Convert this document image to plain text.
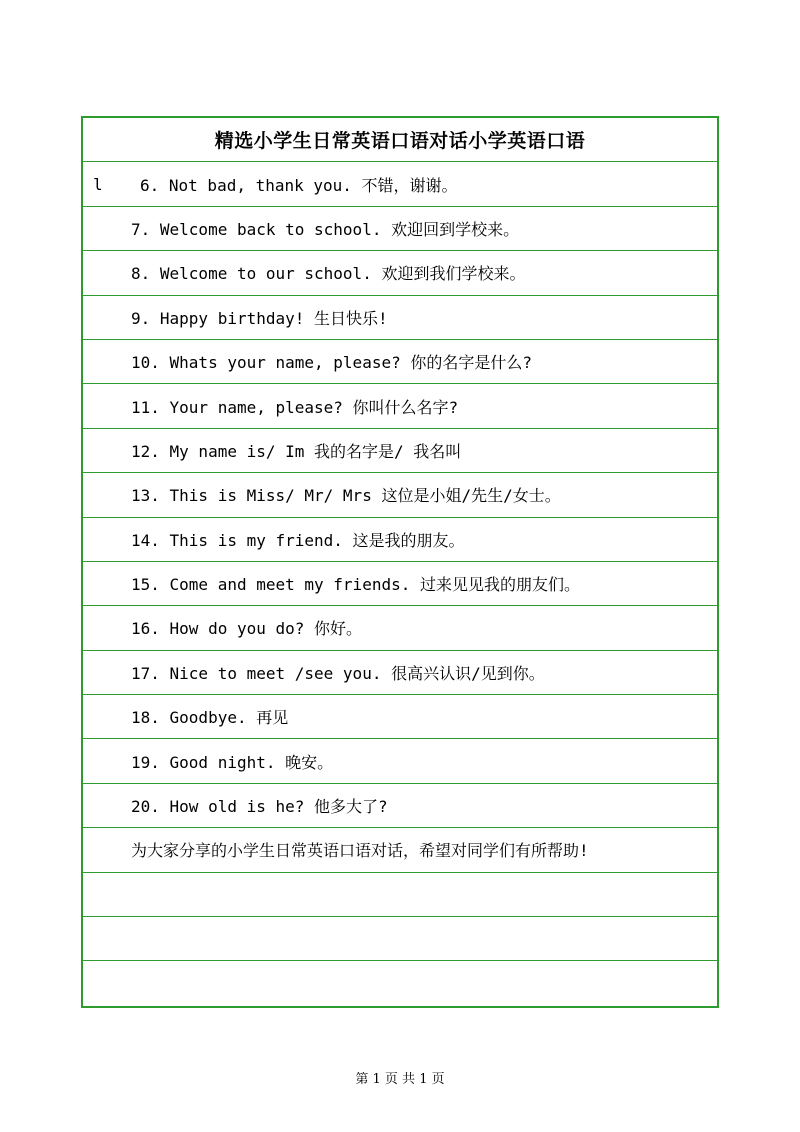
精选小学生日常英语口语对话小学英语口语
l	6. Not bad, thank you. 不错，谢谢。
7. Welcome back to school. 欢迎回到学校来。
8. Welcome to our school. 欢迎到我们学校来。
9. Happy birthday! 生日快乐!
10. Whats your name, please? 你的名字是什么?
11. Your name, please? 你叫什么名字?
12. My name is/ Im 我的名字是/ 我名叫
13. This is Miss/ Mr/ Mrs 这位是小姐/先生/女士。
14. This is my friend. 这是我的朋友。
15. Come and meet my friends. 过来见见我的朋友们。
16. How do you do? 你好。
17. Nice to meet /see you. 很高兴认识/见到你。
18. Goodbye. 再见
19. Good night. 晚安。
20. How old is he? 他多大了?
为大家分享的小学生日常英语口语对话，希望对同学们有所帮助!
第 1 页 共 1 页
